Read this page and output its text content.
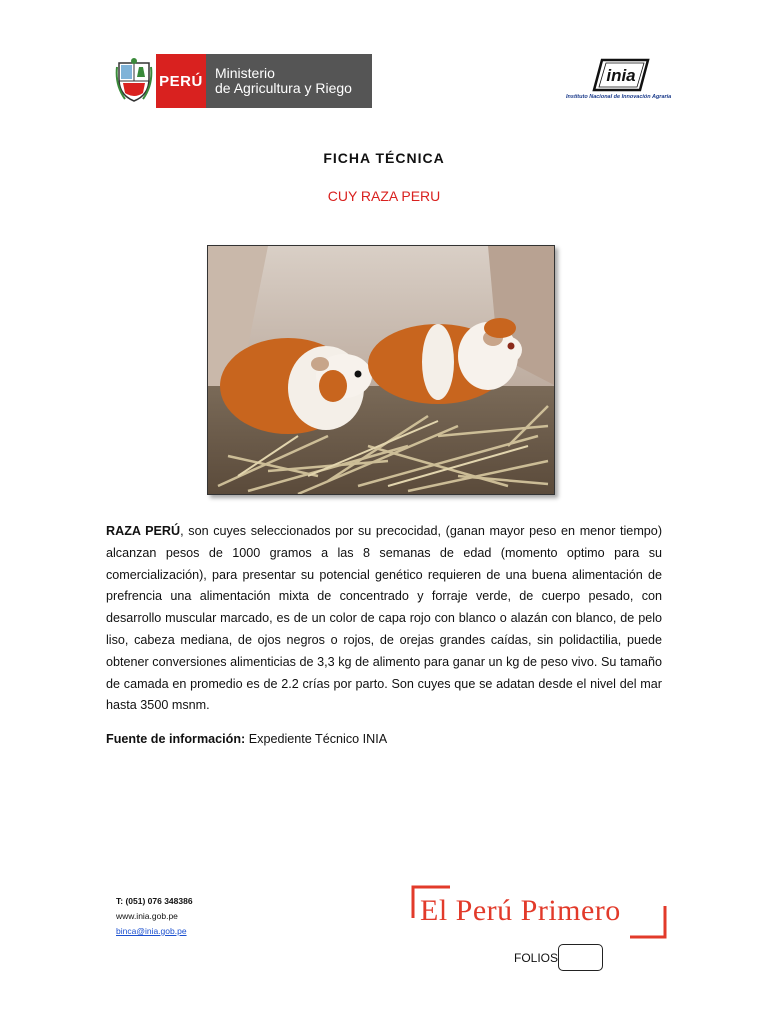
PERÚ Ministerio
de Agricultura y Riego
inia
Instituto Nacional de Innovación Agraria
FICHA TÉCNICA
CUY RAZA PERU

RAZA PERÚ, son cuyes seleccionados por su precocidad, (ganan mayor peso en menor tiempo) alcanzan pesos de 1000 gramos a las 8 semanas de edad (momento optimo para su comercialización), para presentar su potencial genético requieren de una buena alimentación de prefrencia una alimentación mixta de concentrado y forraje verde, de cuerpo pesado, con desarrollo muscular marcado, es de un color de capa rojo con blanco o alazán con blanco, de pelo liso, cabeza mediana, de ojos negros o rojos, de orejas grandes caídas, sin polidactilia, puede obtener conversiones alimenticias de 3,3 kg de alimento para ganar un kg de peso vivo. Su tamaño de camada en promedio es de 2.2 crías por parto. Son cuyes que se adatan desde el nivel del mar hasta 3500 msnm.

Fuente de información: Expediente Técnico INIA

T: (051) 076 348386
www.inia.gob.pe
binca@inia.gob.pe
El Perú Primero
FOLIOS
